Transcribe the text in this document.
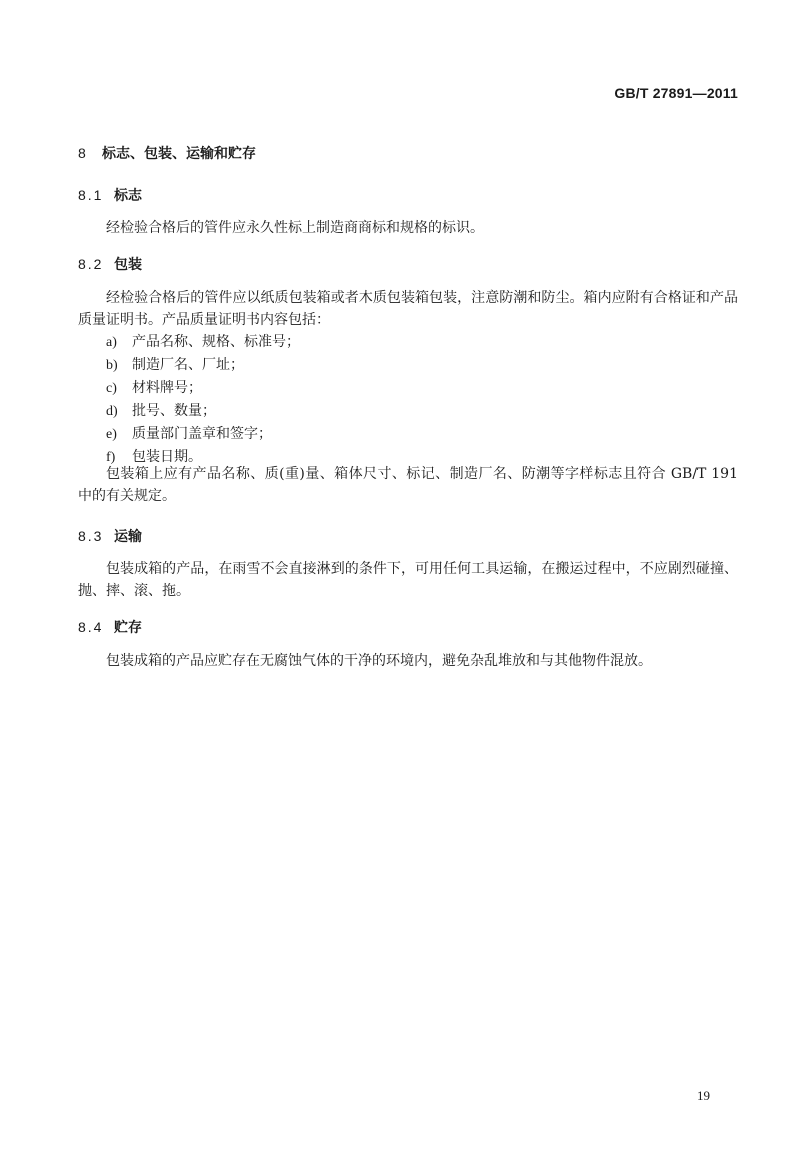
GB/T 27891—2011
8 标志、包装、运输和贮存
8.1 标志
经检验合格后的管件应永久性标上制造商商标和规格的标识。
8.2 包装
经检验合格后的管件应以纸质包装箱或者木质包装箱包装，注意防潮和防尘。箱内应附有合格证和产品质量证明书。产品质量证明书内容包括：
a) 产品名称、规格、标准号；
b) 制造厂名、厂址；
c) 材料牌号；
d) 批号、数量；
e) 质量部门盖章和签字；
f) 包装日期。
包装箱上应有产品名称、质(重)量、箱体尺寸、标记、制造厂名、防潮等字样标志且符合 GB/T 191 中的有关规定。
8.3 运输
包装成箱的产品，在雨雪不会直接淋到的条件下，可用任何工具运输，在搬运过程中，不应剧烈碰撞、抛、摔、滚、拖。
8.4 贮存
包装成箱的产品应贮存在无腐蚀气体的干净的环境内，避免杂乱堆放和与其他物件混放。
19
